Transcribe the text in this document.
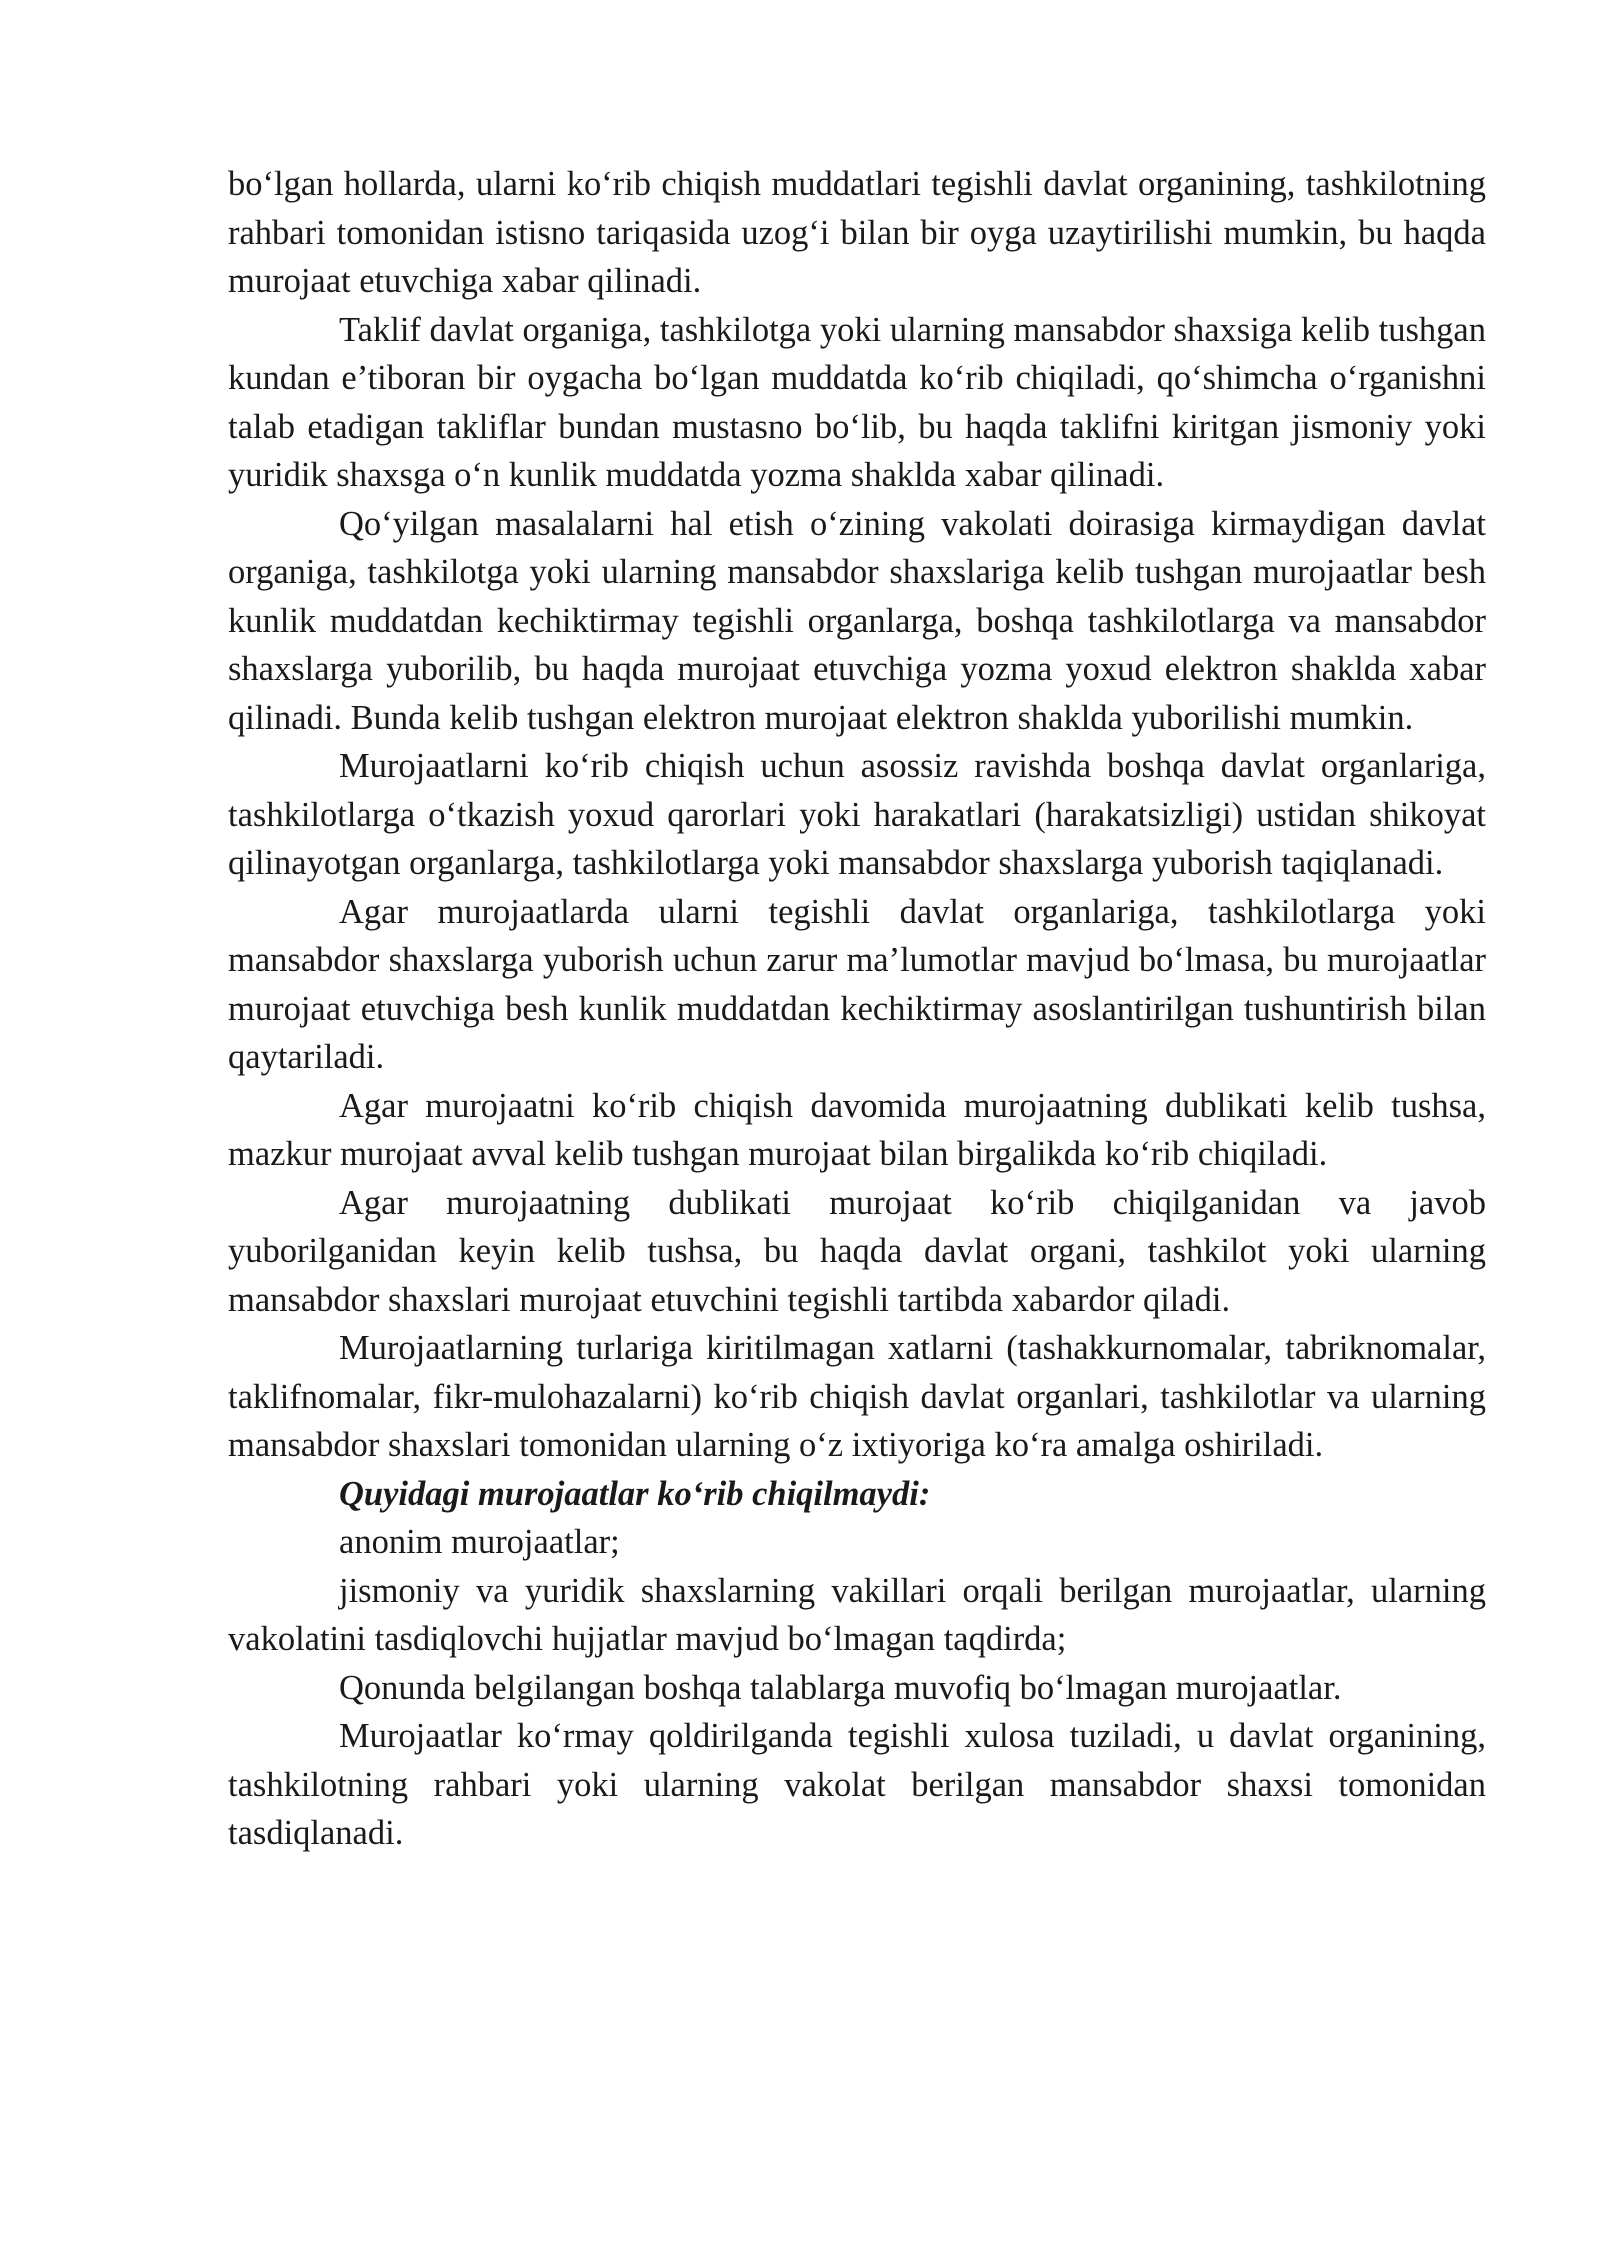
bo‘lgan hollarda, ularni ko‘rib chiqish muddatlari tegishli davlat organining, tashkilotning rahbari tomonidan istisno tariqasida uzog‘i bilan bir oyga uzaytirilishi mumkin, bu haqda murojaat etuvchiga xabar qilinadi.

Taklif davlat organiga, tashkilotga yoki ularning mansabdor shaxsiga kelib tushgan kundan e’tiboran bir oygacha bo‘lgan muddatda ko‘rib chiqiladi, qo‘shimcha o‘rganishni talab etadigan takliflar bundan mustasno bo‘lib, bu haqda taklifni kiritgan jismoniy yoki yuridik shaxsga o‘n kunlik muddatda yozma shaklda xabar qilinadi.

Qo‘yilgan masalalarni hal etish o‘zining vakolati doirasiga kirmaydigan davlat organiga, tashkilotga yoki ularning mansabdor shaxslariga kelib tushgan murojaatlar besh kunlik muddatdan kechiktirmay tegishli organlarga, boshqa tashkilotlarga va mansabdor shaxslarga yuborilib, bu haqda murojaat etuvchiga yozma yoxud elektron shaklda xabar qilinadi. Bunda kelib tushgan elektron murojaat elektron shaklda yuborilishi mumkin.

Murojaatlarni ko‘rib chiqish uchun asossiz ravishda boshqa davlat organlariga, tashkilotlarga o‘tkazish yoxud qarorlari yoki harakatlari (harakatsizligi) ustidan shikoyat qilinayotgan organlarga, tashkilotlarga yoki mansabdor shaxslarga yuborish taqiqlanadi.

Agar murojaatlarda ularni tegishli davlat organlariga, tashkilotlarga yoki mansabdor shaxslarga yuborish uchun zarur ma’lumotlar mavjud bo‘lmasa, bu murojaatlar murojaat etuvchiga besh kunlik muddatdan kechiktirmay asoslantirilgan tushuntirish bilan qaytariladi.

Agar murojaatni ko‘rib chiqish davomida murojaatning dublikati kelib tushsa, mazkur murojaat avval kelib tushgan murojaat bilan birgalikda ko‘rib chiqiladi.

Agar murojaatning dublikati murojaat ko‘rib chiqilganidan va javob yuborilganidan keyin kelib tushsa, bu haqda davlat organi, tashkilot yoki ularning mansabdor shaxslari murojaat etuvchini tegishli tartibda xabardor qiladi.

Murojaatlarning turlariga kiritilmagan xatlarni (tashakkurnomalar, tabriknomalar, taklifnomalar, fikr-mulohazalarni) ko‘rib chiqish davlat organlari, tashkilotlar va ularning mansabdor shaxslari tomonidan ularning o‘z ixtiyoriga ko‘ra amalga oshiriladi.

Quyidagi murojaatlar ko‘rib chiqilmaydi:

anonim murojaatlar;

jismoniy va yuridik shaxslarning vakillari orqali berilgan murojaatlar, ularning vakolatini tasdiqlovchi hujjatlar mavjud bo‘lmagan taqdirda;

Qonunda belgilangan boshqa talablarga muvofiq bo‘lmagan murojaatlar.

Murojaatlar ko‘rmay qoldirilganda tegishli xulosa tuziladi, u davlat organining, tashkilotning rahbari yoki ularning vakolat berilgan mansabdor shaxsi tomonidan tasdiqlanadi.
